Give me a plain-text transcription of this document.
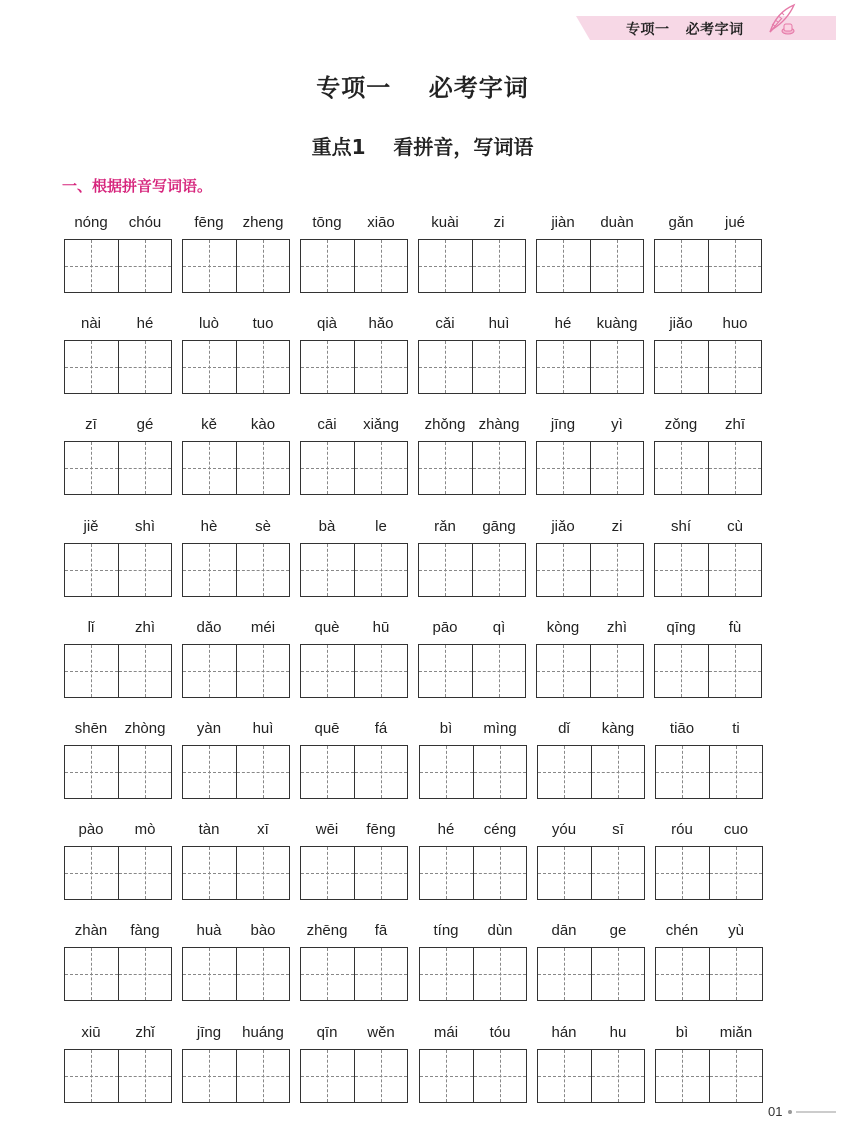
专项一   必考字词
专项一    必考字词
重点1    看拼音，写词语
一、根据拼音写词语。
nóng	chóu	fēng	zheng	tōng	xiāo	kuài	zi	jiàn	duàn	gǎn	jué
nài	hé	luò	tuo	qià	hǎo	cǎi	huì	hé	kuàng	jiǎo	huo
zī	gé	kě	kào	cāi	xiǎng	zhǒng zhàng	jīng	yì	zǒng	zhī
jiě	shì	hè	sè	bà	le	rǎn	gāng	jiǎo	zi	shí	cù
lǐ	zhì	dǎo	méi	què	hū	pāo	qì	kòng	zhì	qīng	fù
shēn	zhòng	yàn	huì	quē	fá	bì	mìng	dǐ	kàng	tiāo	ti
pào	mò	tàn	xī	wēi	fēng	hé	céng	yóu	sī	róu	cuo
zhàn	fàng	huà	bào	zhēng	fā	tíng	dùn	dān	ge	chén	yù
xiū	zhǐ	jīng	huáng	qīn	wěn	mái	tóu	hán	hu	bì	miǎn
01
